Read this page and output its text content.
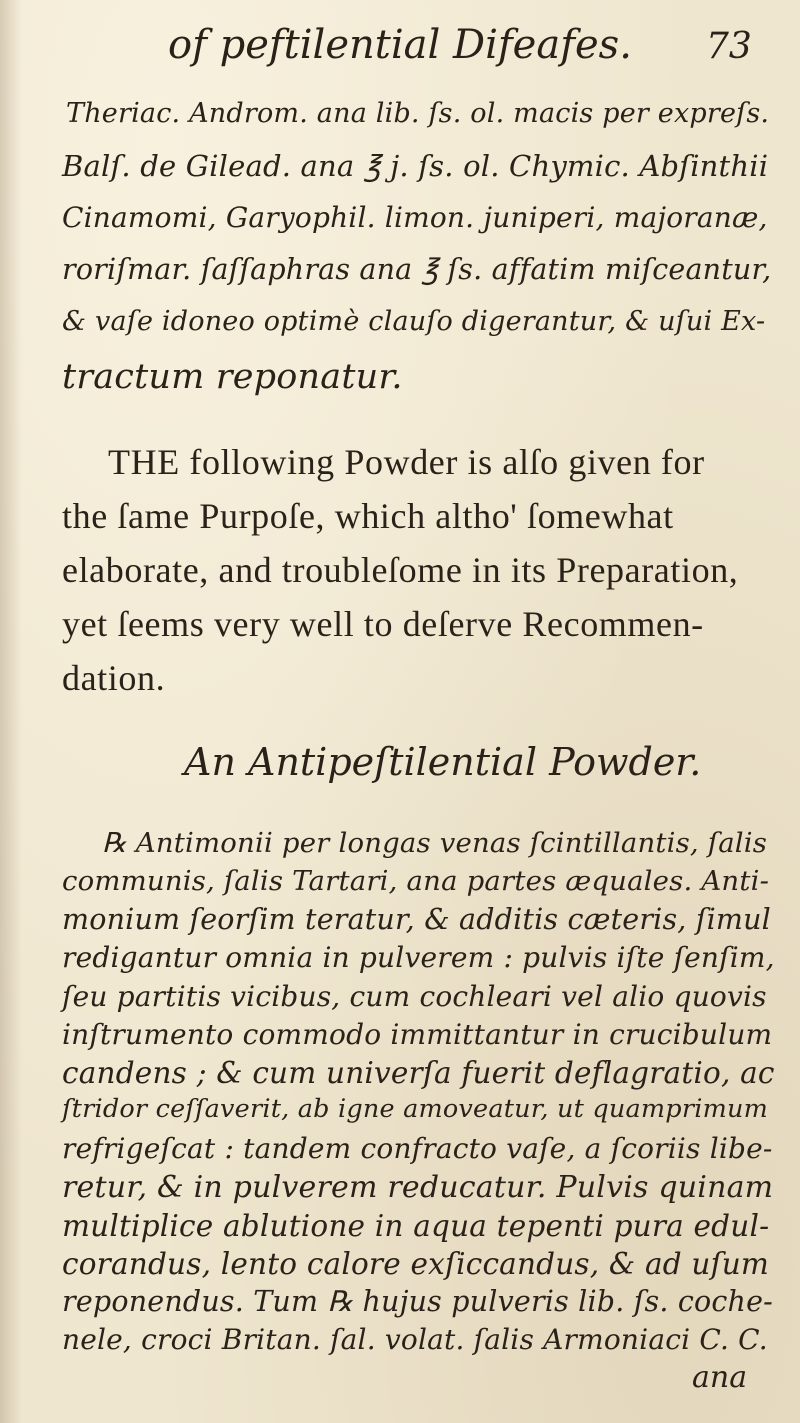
of peftilential Difeafes. 73
Theriac. Androm. ana lib. ſs. ol. macis per expreſs.
Balſ. de Gilead. ana ℥ j. ſs. ol. Chymic. Abſinthii
Cinamomi, Garyophil. limon. juniperi, majoranæ,
roriſmar. ſaſſaphras ana ℥ ſs. affatim miſceantur,
& vaſe idoneo optimè clauſo digerantur, & uſui Ex-
tractum reponatur.
THE following Powder is alſo given for
the ſame Purpoſe, which altho' ſomewhat
elaborate, and troubleſome in its Preparation,
yet ſeems very well to deſerve Recommen-
dation.
An Antipeſtilential Powder.
℞ Antimonii per longas venas ſcintillantis, ſalis
communis, ſalis Tartari, ana partes æquales. Anti-
monium ſeorſim teratur, & additis cæteris, ſimul
redigantur omnia in pulverem : pulvis iſte ſenſim,
ſeu partitis vicibus, cum cochleari vel alio quovis
inſtrumento commodo immittantur in crucibulum
candens ; & cum univerſa fuerit deflagratio, ac
ſtridor ceſſaverit, ab igne amoveatur, ut quamprimum
refrigeſcat : tandem confracto vaſe, a ſcoriis libe-
retur, & in pulverem reducatur. Pulvis quinam
multiplice ablutione in aqua tepenti pura edul-
corandus, lento calore exſiccandus, & ad uſum
reponendus. Tum ℞ hujus pulveris lib. ſs. coche-
nele, croci Britan. ſal. volat. ſalis Armoniaci C. C.
ana
